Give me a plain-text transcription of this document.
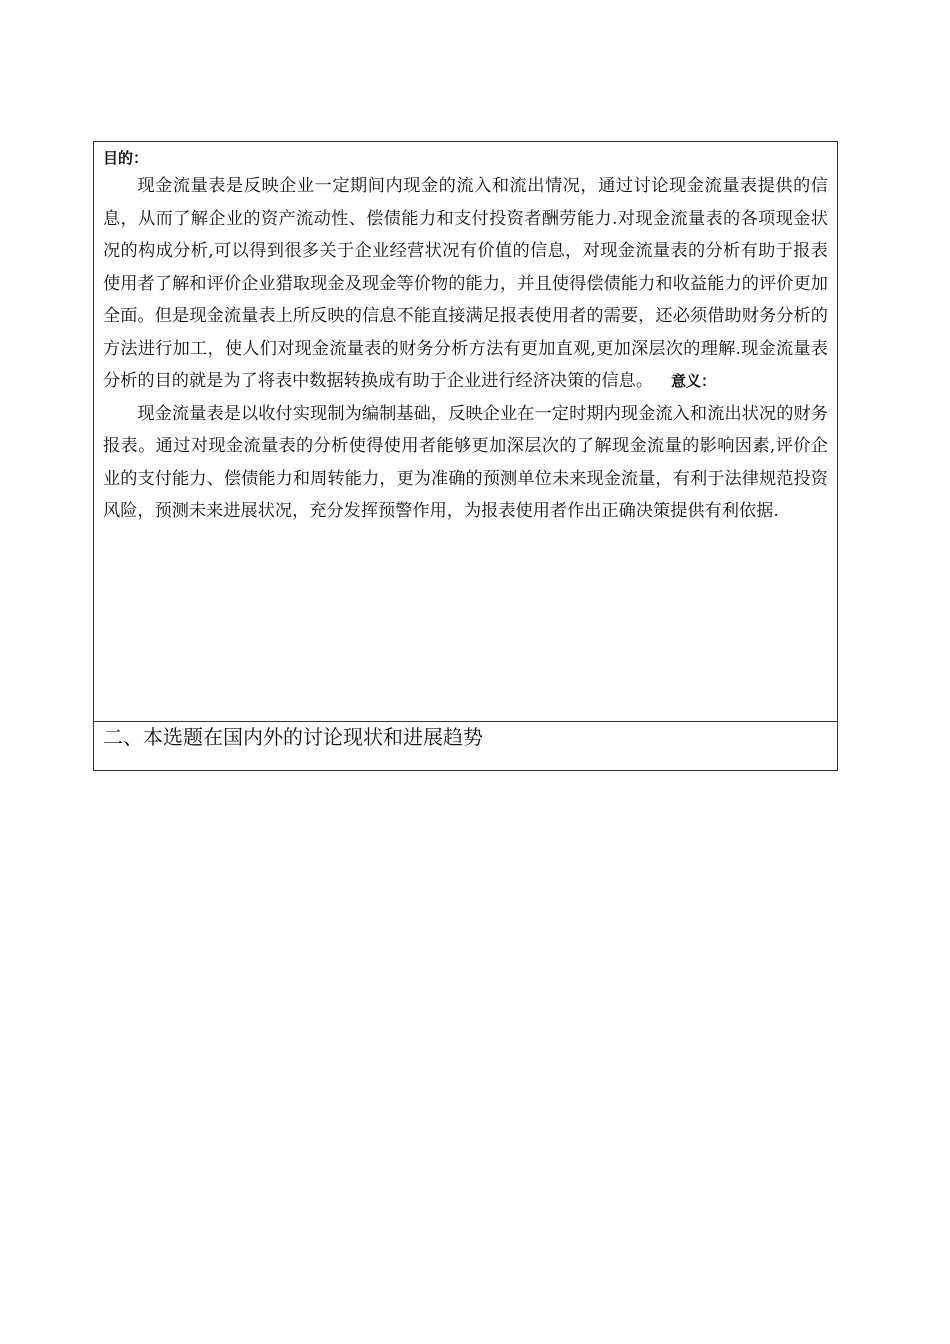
目的：

现金流量表是反映企业一定期间内现金的流入和流出情况，通过讨论现金流量表提供的信息，从而了解企业的资产流动性、偿债能力和支付投资者酬劳能力.对现金流量表的各项现金状况的构成分析,可以得到很多关于企业经营状况有价值的信息，对现金流量表的分析有助于报表使用者了解和评价企业猎取现金及现金等价物的能力，并且使得偿债能力和收益能力的评价更加全面。但是现金流量表上所反映的信息不能直接满足报表使用者的需要，还必须借助财务分析的方法进行加工，使人们对现金流量表的财务分析方法有更加直观,更加深层次的理解.现金流量表分析的目的就是为了将表中数据转换成有助于企业进行经济决策的信息。 意义：

现金流量表是以收付实现制为编制基础，反映企业在一定时期内现金流入和流出状况的财务报表。通过对现金流量表的分析使得使用者能够更加深层次的了解现金流量的影响因素,评价企业的支付能力、偿债能力和周转能力，更为准确的预测单位未来现金流量，有利于法律规范投资风险，预测未来进展状况，充分发挥预警作用，为报表使用者作出正确决策提供有利依据.

二、本选题在国内外的讨论现状和进展趋势
